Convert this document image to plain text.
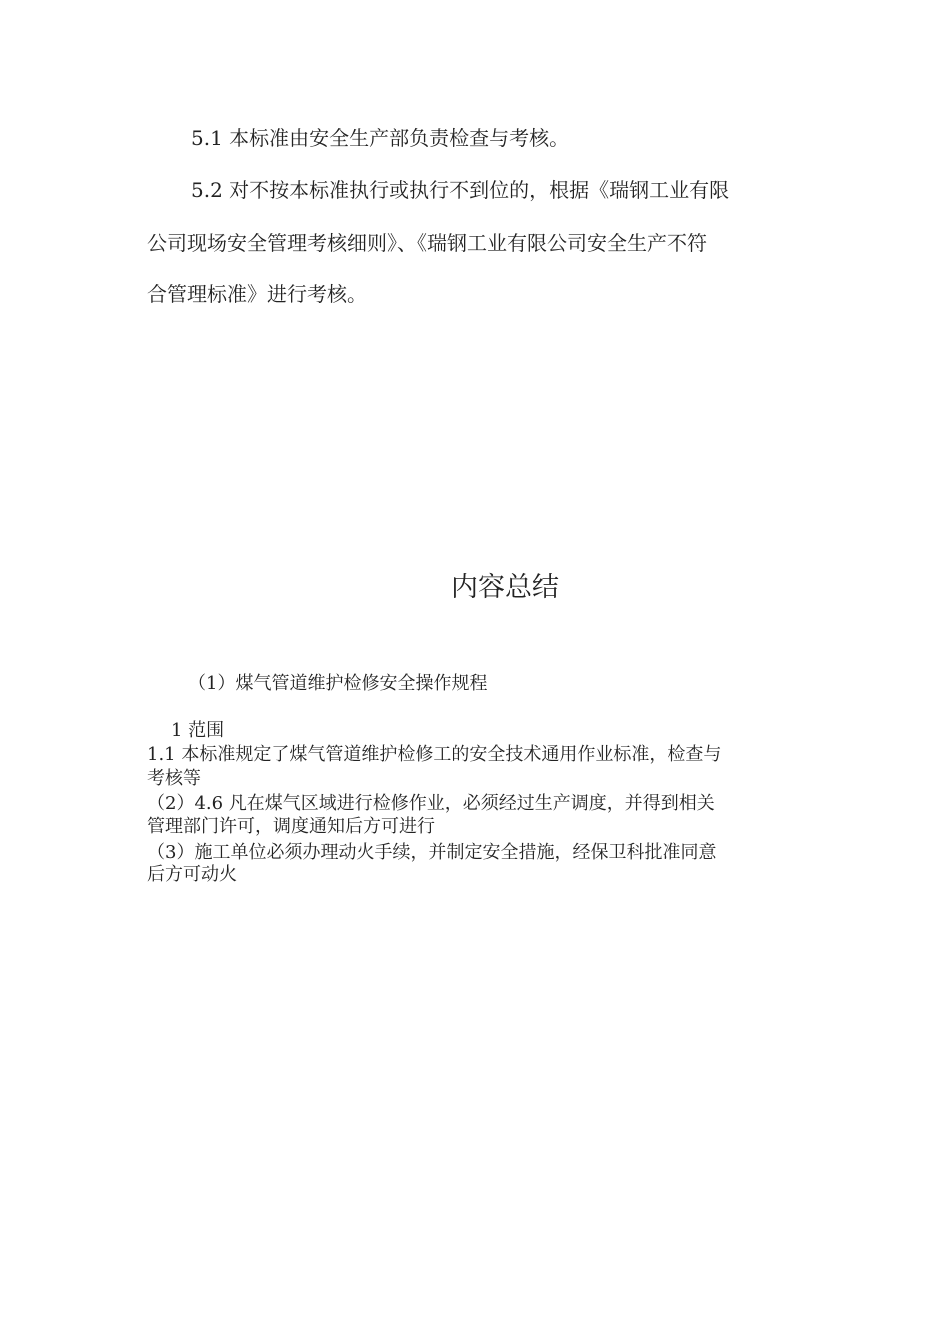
5.1 本标准由安全生产部负责检查与考核。
5.2 对不按本标准执行或执行不到位的，根据《瑞钢工业有限
公司现场安全管理考核细则》、《瑞钢工业有限公司安全生产不符
合管理标准》进行考核。
内容总结
（1）煤气管道维护检修安全操作规程
1 范围
1.1 本标准规定了煤气管道维护检修工的安全技术通用作业标准，检查与
考核等
（2）4.6 凡在煤气区域进行检修作业，必须经过生产调度，并得到相关
管理部门许可，调度通知后方可进行
（3）施工单位必须办理动火手续，并制定安全措施，经保卫科批准同意
后方可动火
